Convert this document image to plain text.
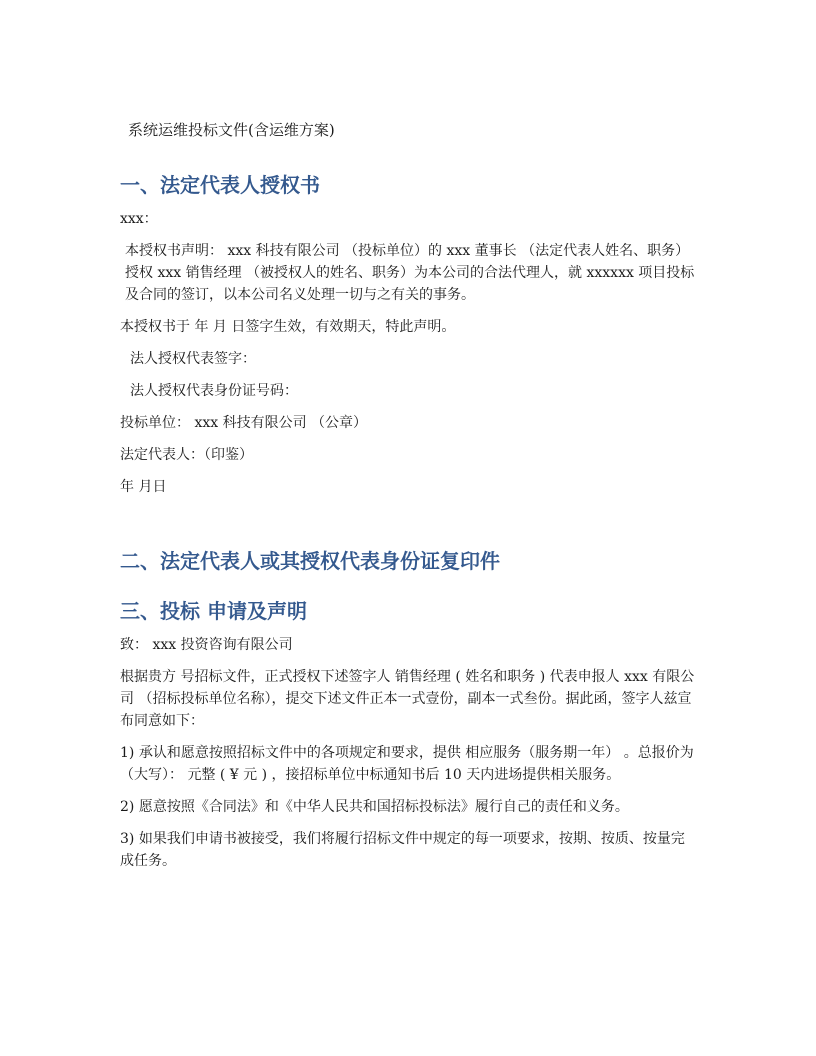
系统运维投标文件(含运维方案)
一、法定代表人授权书

xxx：

本授权书声明： xxx 科技有限公司 （投标单位）的 xxx 董事长 （法定代表人姓名、职务）授权 xxx 销售经理 （被授权人的姓名、职务）为本公司的合法代理人，就 xxxxxx 项目投标及合同的签订，以本公司名义处理一切与之有关的事务。

本授权书于 年 月 日签字生效，有效期天，特此声明。

法人授权代表签字：

法人授权代表身份证号码：

投标单位： xxx 科技有限公司 （公章）

法定代表人：（印鉴）

年 月日

二、法定代表人或其授权代表身份证复印件
三、投标 申请及声明

致： xxx 投资咨询有限公司

根据贵方 号招标文件，正式授权下述签字人 销售经理 ( 姓名和职务 ) 代表申报人 xxx 有限公司 （招标投标单位名称），提交下述文件正本一式壹份，副本一式叁份。据此函，签字人兹宣布同意如下：

1) 承认和愿意按照招标文件中的各项规定和要求，提供 相应服务（服务期一年） 。总报价为（大写）： 元整 ( ¥ 元 ) ，接招标单位中标通知书后 10 天内进场提供相关服务。

2) 愿意按照《合同法》和《中华人民共和国招标投标法》履行自己的责任和义务。

3) 如果我们申请书被接受，我们将履行招标文件中规定的每一项要求，按期、按质、按量完成任务。
